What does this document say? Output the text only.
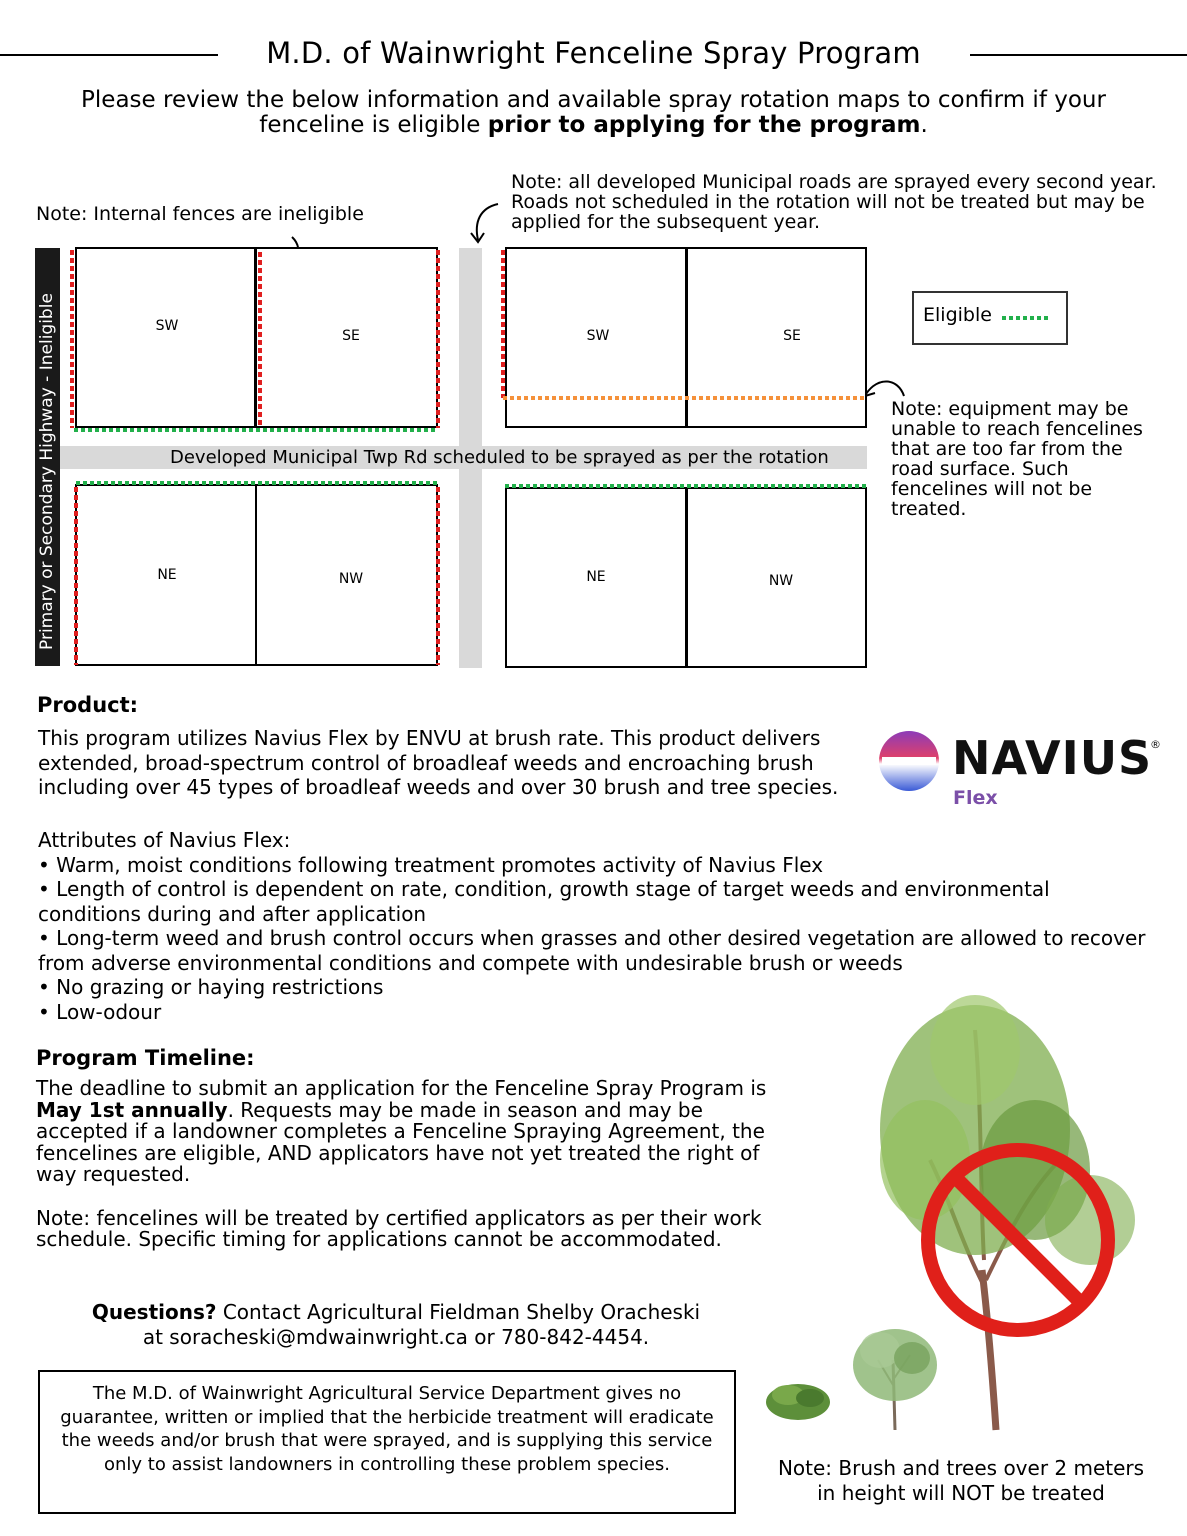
M.D. of Wainwright Fenceline Spray Program
Please review the below information and available spray rotation maps to confirm if your fenceline is eligible prior to applying for the program.
Note: Internal fences are ineligible
Note: all developed Municipal roads are sprayed every second year. Roads not scheduled in the rotation will not be treated but may be applied for the subsequent year.
Primary or Secondary Highway - Ineligible	Developed Municipal Twp Rd scheduled to be sprayed as per the rotation
SW
SE
NE	NW
SW	SE
NE	NW
Eligible
Note: equipment may be unable to reach fencelines that are too far from the road surface. Such fencelines will not be treated.
Product:
This program utilizes Navius Flex by ENVU at brush rate. This product delivers extended, broad-spectrum control of broadleaf weeds and encroaching brush including over 45 types of broadleaf weeds and over 30 brush and tree species.

Attributes of Navius Flex:

• Warm, moist conditions following treatment promotes activity of Navius Flex

• Length of control is dependent on rate, condition, growth stage of target weeds and environmental conditions during and after application

• Long-term weed and brush control occurs when grasses and other desired vegetation are allowed to recover from adverse environmental conditions and compete with undesirable brush or weeds

• No grazing or haying restrictions

• Low-odour

NAVIUS
®
Flex
Program Timeline:

The deadline to submit an application for the Fenceline Spray Program is May 1st annually. Requests may be made in season and may be accepted if a landowner completes a Fenceline Spraying Agreement, the fencelines are eligible, AND applicators have not yet treated the right of way requested.

Note: fencelines will be treated by certified applicators as per their work schedule. Specific timing for applications cannot be accommodated.

Questions? Contact Agricultural Fieldman Shelby Oracheski
at soracheski@mdwainwright.ca or 780-842-4454.
The M.D. of Wainwright Agricultural Service Department gives no guarantee, written or implied that the herbicide treatment will eradicate the weeds and/or brush that were sprayed, and is supplying this service only to assist landowners in controlling these problem species.	Note: Brush and trees over 2 meters in height will NOT be treated
